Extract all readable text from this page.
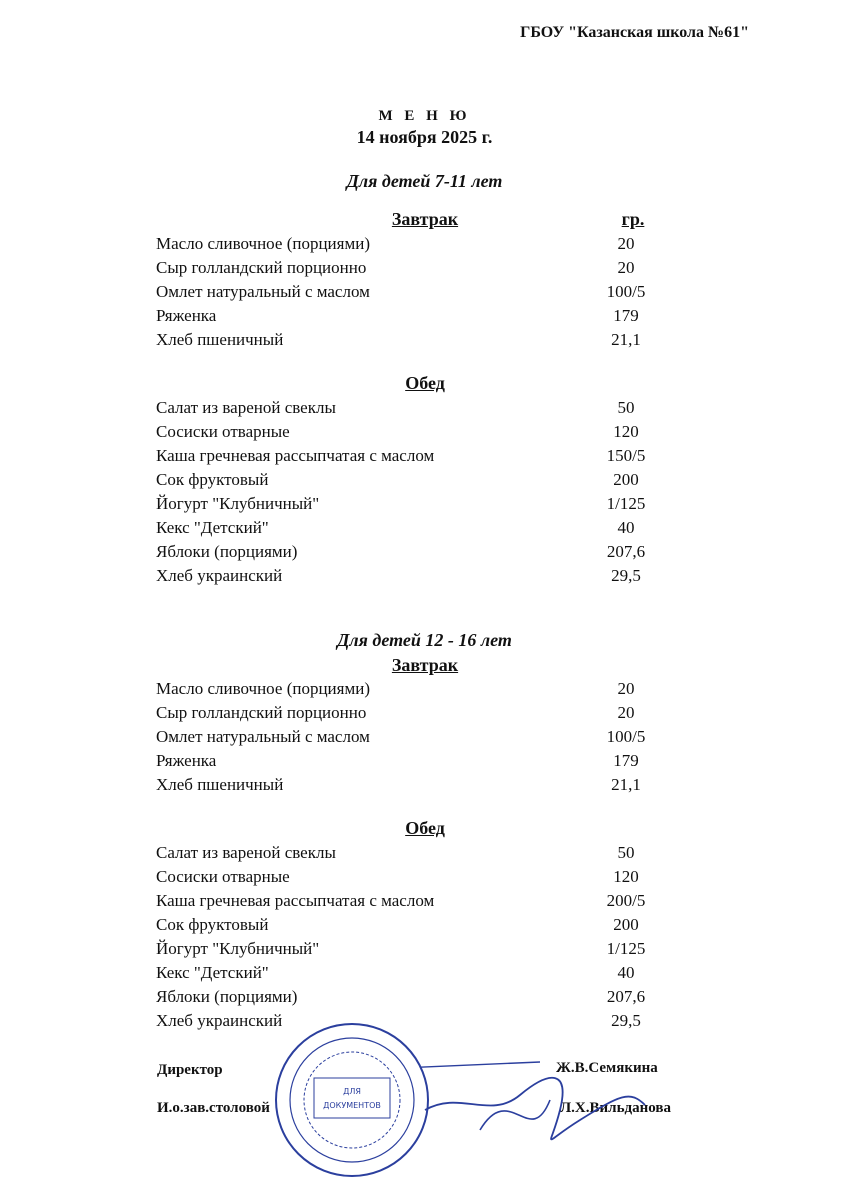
ГБОУ "Казанская школа №61"
М Е Н Ю
14 ноября 2025 г.
Для детей 7-11 лет
Завтрак	гр.
Масло сливочное (порциями)	20
Сыр голландский порционно	20
Омлет натуральный с маслом	100/5
Ряженка	179
Хлеб пшеничный	21,1
Обед
Салат из вареной свеклы	50
Сосиски отварные	120
Каша гречневая рассыпчатая с маслом	150/5
Сок фруктовый	200
Йогурт "Клубничный"	1/125
Кекс "Детский"	40
Яблоки (порциями)	207,6
Хлеб украинский	29,5
Для детей 12 - 16 лет
Завтрак
Масло сливочное (порциями)	20
Сыр голландский порционно	20
Омлет натуральный с маслом	100/5
Ряженка	179
Хлеб пшеничный	21,1
Обед
Салат из вареной свеклы	50
Сосиски отварные	120
Каша гречневая рассыпчатая с маслом	200/5
Сок фруктовый	200
Йогурт "Клубничный"	1/125
Кекс "Детский"	40
Яблоки (порциями)	207,6
Хлеб украинский	29,5
Директор	Ж.В.Семякина
И.о.зав.столовой	Л.Х.Вильданова
ДЛЯ
ДОКУМЕНТОВ
